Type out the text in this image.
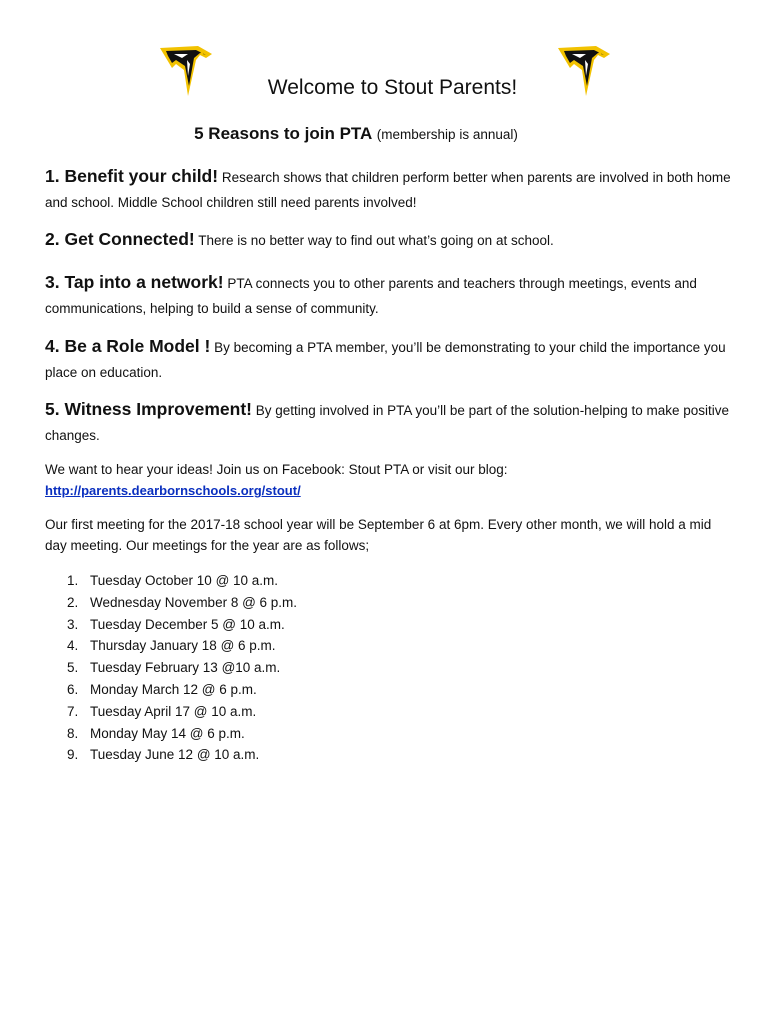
Welcome to Stout Parents!

5 Reasons to join PTA (membership is annual)

1. Benefit your child! Research shows that children perform better when parents are involved in both home and school. Middle School children still need parents involved!

2. Get Connected! There is no better way to find out what’s going on at school.

3. Tap into a network! PTA connects you to other parents and teachers through meetings, events and communications, helping to build a sense of community.

4. Be a Role Model ! By becoming a PTA member, you’ll be demonstrating to your child the importance you place on education.

5. Witness Improvement! By getting involved in PTA you’ll be part of the solution-helping to make positive changes.

We want to hear your ideas! Join us on Facebook: Stout PTA or visit our blog:
http://parents.dearbornschools.org/stout/

Our first meeting for the 2017-18 school year will be September 6 at 6pm. Every other month, we will hold a mid day meeting. Our meetings for the year are as follows;

1. Tuesday October 10 @ 10 a.m.
2. Wednesday November 8 @ 6 p.m.
3. Tuesday December 5 @ 10 a.m.
4. Thursday January 18 @ 6 p.m.
5. Tuesday February 13 @10 a.m.
6. Monday March 12 @ 6 p.m.
7. Tuesday April 17 @ 10 a.m.
8. Monday May 14 @ 6 p.m.
9. Tuesday June 12 @ 10 a.m.
